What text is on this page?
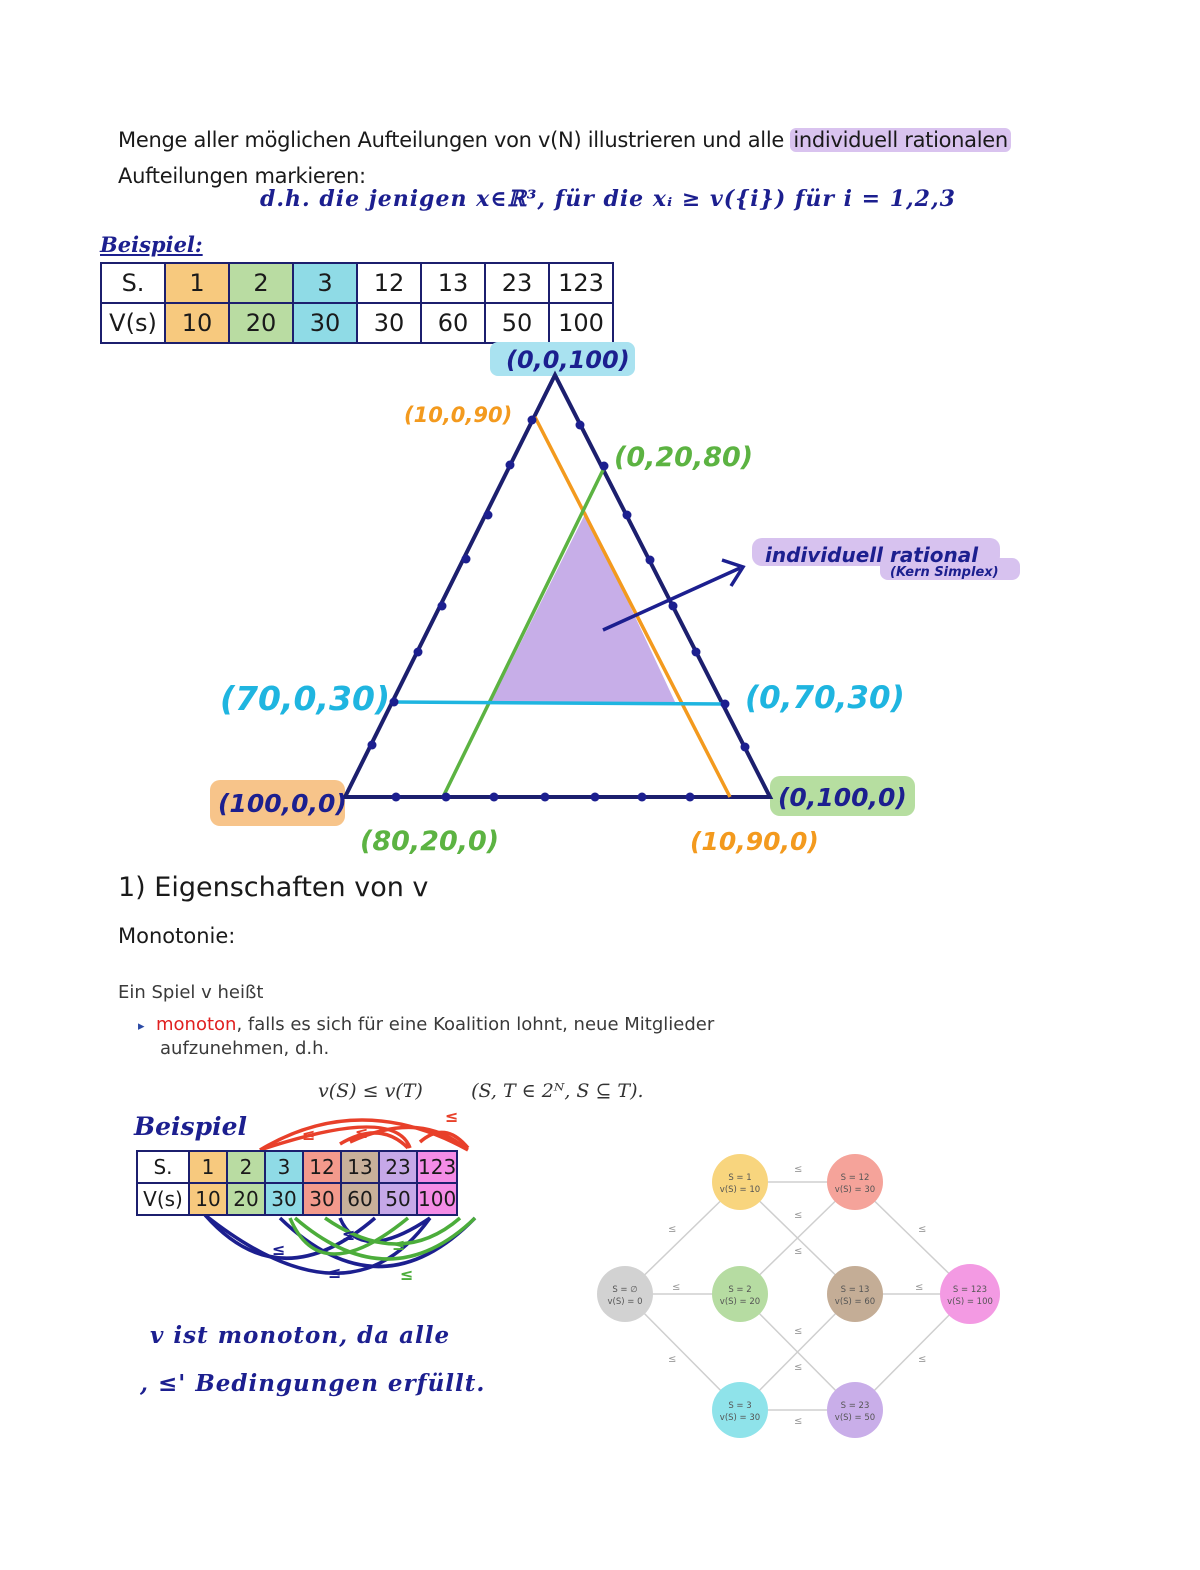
Menge aller möglichen Aufteilungen von v(N) illustrieren und alle individuell rationalen Aufteilungen markieren:
d.h. die jenigen x∈ℝ³, für die xᵢ ≥ v({i}) für i = 1,2,3
Beispiel:
S.	1	2	3	12	13	23	123
V(s)	10	20	30	30	60	50	100
(0,0,100)
(10,0,90)
(0,20,80)
(70,0,30)	(0,70,30)
(100,0,0)	(0,100,0)
(80,20,0)	(10,90,0)
individuell rational
(Kern Simplex)
1) Eigenschaften von v
Monotonie:
Ein Spiel v heißt
▸ monoton, falls es sich für eine Koalition lohnt, neue Mitglieder
aufzunehmen, d.h.
v(S) ≤ v(T)        (S, T ∈ 2ᴺ, S ⊆ T).
Beispiel	≤ ≤
≤
≤
≤
≤
≤
≤
S.	1	2	3	12	13	23	123
V(s)	10	20	30	30	60	50	100
v ist monoton, da alle
, ≤' Bedingungen erfüllt.
≤
≤
≤
≤
≤
≤
≤
≤
≤
≤
≤
≤
S = ∅
v(S) = 0
S = 1
v(S) = 10
S = 2
v(S) = 20
S = 3
v(S) = 30
S = 12
v(S) = 30
S = 13
v(S) = 60
S = 23
v(S) = 50
S = 123
v(S) = 100
